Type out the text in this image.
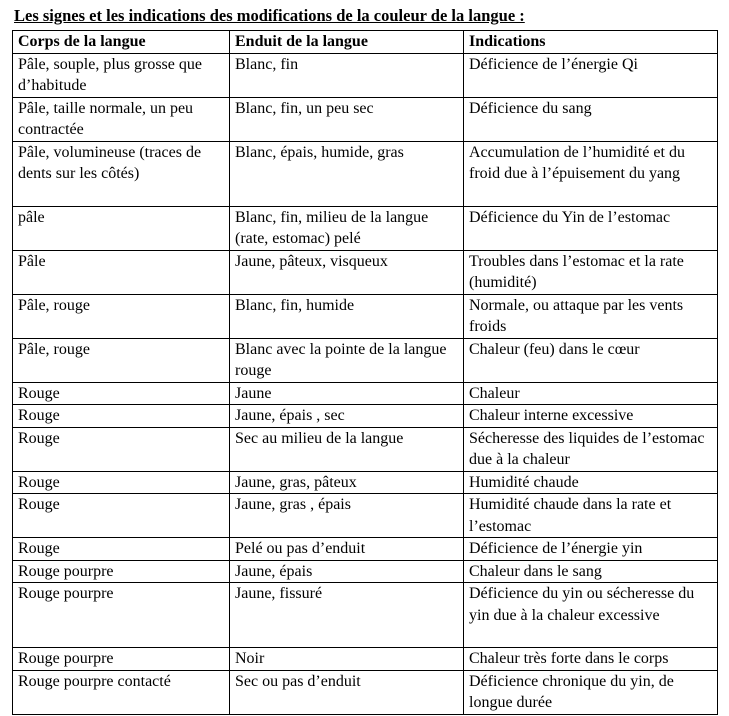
Les signes et les indications des modifications de la couleur de la langue :

Corps de la langue	Enduit de la langue	Indications
Pâle, souple, plus grosse que d’habitude	Blanc, fin	Déficience de l’énergie Qi
Pâle, taille normale, un peu contractée	Blanc, fin, un peu sec	Déficience du sang
Pâle, volumineuse (traces de dents sur les côtés)	Blanc, épais, humide, gras	Accumulation de l’humidité et du froid due à l’épuisement du yang
pâle	Blanc, fin, milieu de la langue (rate, estomac) pelé	Déficience du Yin de l’estomac
Pâle	Jaune, pâteux, visqueux	Troubles dans l’estomac et la rate (humidité)
Pâle, rouge	Blanc, fin, humide	Normale, ou attaque par les vents froids
Pâle, rouge	Blanc avec la pointe de la langue rouge	Chaleur (feu) dans le cœur
Rouge	Jaune	Chaleur
Rouge	Jaune, épais , sec	Chaleur interne excessive
Rouge	Sec au milieu de la langue	Sécheresse des liquides de l’estomac due à la chaleur
Rouge	Jaune, gras, pâteux	Humidité chaude
Rouge	Jaune, gras , épais	Humidité chaude dans la rate et l’estomac
Rouge	Pelé ou pas d’enduit	Déficience de l’énergie yin
Rouge pourpre	Jaune, épais	Chaleur dans le sang
Rouge pourpre	Jaune, fissuré	Déficience du yin ou sécheresse du yin due à la chaleur excessive
Rouge pourpre	Noir	Chaleur très forte dans le corps
Rouge pourpre contacté	Sec ou pas d’enduit	Déficience chronique du yin, de longue durée
